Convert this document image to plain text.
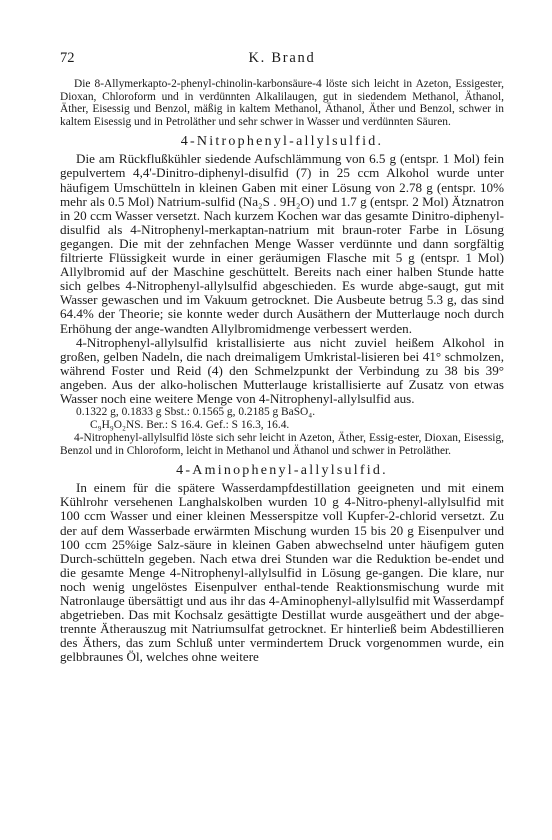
72	K. Brand

Die 8-Allymerkapto-2-phenyl-chinolin-karbonsäure-4 löste sich leicht in Azeton, Essigester, Dioxan, Chloroform und in verdünnten Alkalilaugen, gut in siedendem Methanol, Äthanol, Äther, Eisessig und Benzol, mäßig in kaltem Methanol, Äthanol, Äther und Benzol, schwer in kaltem Eisessig und in Petroläther und sehr schwer in Wasser und verdünnten Säuren.

4-Nitrophenyl-allylsulfid.

Die am Rückflußkühler siedende Aufschlämmung von 6.5 g (entspr. 1 Mol) fein gepulvertem 4,4'-Dinitro-diphenyl-disulfid (7) in 25 ccm Alkohol wurde unter häufigem Umschütteln in kleinen Gaben mit einer Lösung von 2.78 g (entspr. 10% mehr als 0.5 Mol) Natrium-sulfid (Na₂S . 9H₂O) und 1.7 g (entspr. 2 Mol) Ätznatron in 20 ccm Wasser versetzt. Nach kurzem Kochen war das gesamte Dinitro-diphenyl-disulfid als 4-Nitrophenyl-merkaptan-natrium mit braun-roter Farbe in Lösung gegangen. Die mit der zehnfachen Menge Wasser verdünnte und dann sorgfältig filtrierte Flüssigkeit wurde in einer geräumigen Flasche mit 5 g (entspr. 1 Mol) Allylbromid auf der Maschine geschüttelt. Bereits nach einer halben Stunde hatte sich gelbes 4-Nitrophenyl-allylsulfid abgeschieden. Es wurde abge-saugt, gut mit Wasser gewaschen und im Vakuum getrocknet. Die Ausbeute betrug 5.3 g, das sind 64.4% der Theorie; sie konnte weder durch Ausäthern der Mutterlauge noch durch Erhöhung der ange-wandten Allylbromidmenge verbessert werden.

4-Nitrophenyl-allylsulfid kristallisierte aus nicht zuviel heißem Alkohol in großen, gelben Nadeln, die nach dreimaligem Umkristal-lisieren bei 41° schmolzen, während Foster und Reid (4) den Schmelzpunkt der Verbindung zu 38 bis 39° angeben. Aus der alko-holischen Mutterlauge kristallisierte auf Zusatz von etwas Wasser noch eine weitere Menge von 4-Nitrophenyl-allylsulfid aus.

0.1322 g, 0.1833 g Sbst.: 0.1565 g, 0.2185 g BaSO₄.
C₉H₉O₂NS. Ber.: S 16.4. Gef.: S 16.3, 16.4.

4-Nitrophenyl-allylsulfid löste sich sehr leicht in Azeton, Äther, Essig-ester, Dioxan, Eisessig, Benzol und in Chloroform, leicht in Methanol und Äthanol und schwer in Petroläther.

4-Aminophenyl-allylsulfid.

In einem für die spätere Wasserdampfdestillation geeigneten und mit einem Kühlrohr versehenen Langhalskolben wurden 10 g 4-Nitro-phenyl-allylsulfid mit 100 ccm Wasser und einer kleinen Messerspitze voll Kupfer-2-chlorid versetzt. Zu der auf dem Wasserbade erwärmten Mischung wurden 15 bis 20 g Eisenpulver und 100 ccm 25%ige Salz-säure in kleinen Gaben abwechselnd unter häufigem guten Durch-schütteln gegeben. Nach etwa drei Stunden war die Reduktion be-endet und die gesamte Menge 4-Nitrophenyl-allylsulfid in Lösung ge-gangen. Die klare, nur noch wenig ungelöstes Eisenpulver enthal-tende Reaktionsmischung wurde mit Natronlauge übersättigt und aus ihr das 4-Aminophenyl-allylsulfid mit Wasserdampf abgetrieben. Das mit Kochsalz gesättigte Destillat wurde ausgeäthert und der abge-trennte Ätherauszug mit Natriumsulfat getrocknet. Er hinterließ beim Abdestillieren des Äthers, das zum Schluß unter vermindertem Druck vorgenommen wurde, ein gelbbraunes Öl, welches ohne weitere
